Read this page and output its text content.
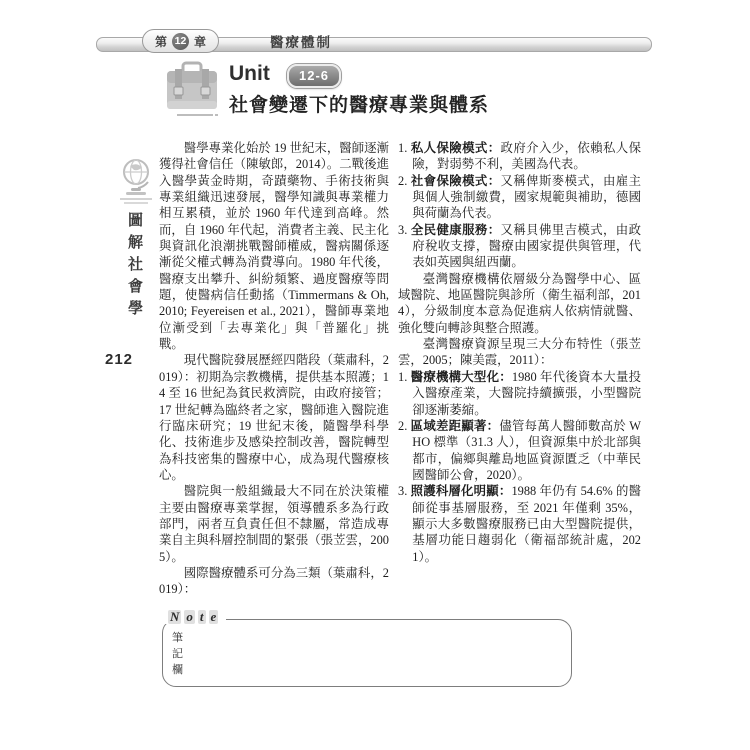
第 12 章	醫療體制
Unit	12-6
社會變遷下的醫療專業與體系
圖解社會學
212

醫學專業化始於 19 世紀末，醫師逐漸獲得社會信任（陳敏郎，2014）。二戰後進入醫學黃金時期，奇蹟藥物、手術技術與專業組織迅速發展，醫學知識與專業權力相互累積，並於 1960 年代達到高峰。然而，自 1960 年代起，消費者主義、民主化與資訊化浪潮挑戰醫師權威，醫病關係逐漸從父權式轉為消費導向。1980 年代後，醫療支出攀升、糾紛頻繁、過度醫療等問題，使醫病信任動搖（Timmermans & Oh, 2010; Feyereisen et al., 2021），醫師專業地位漸受到「去專業化」與「普羅化」挑戰。

現代醫院發展歷經四階段（葉肅科，2019）：初期為宗教機構，提供基本照護；14 至 16 世紀為貧民救濟院，由政府接管；17 世紀轉為臨終者之家，醫師進入醫院進行臨床研究；19 世紀末後，隨醫學科學化、技術進步及感染控制改善，醫院轉型為科技密集的醫療中心，成為現代醫療核心。

醫院與一般組織最大不同在於決策權主要由醫療專業掌握，領導體系多為行政部門，兩者互負責任但不隸屬，常造成專業自主與科層控制間的緊張（張苙雲，2005）。

國際醫療體系可分為三類（葉肅科，2019）：

1. 私人保險模式：政府介入少，依賴私人保險，對弱勢不利，美國為代表。

2. 社會保險模式：又稱俾斯麥模式，由雇主與個人強制繳費，國家規範與補助，德國與荷蘭為代表。

3. 全民健康服務：又稱貝佛里吉模式，由政府稅收支撐，醫療由國家提供與管理，代表如英國與紐西蘭。

臺灣醫療機構依層級分為醫學中心、區域醫院、地區醫院與診所（衛生福利部，2014），分級制度本意為促進病人依病情就醫、強化雙向轉診與整合照護。

臺灣醫療資源呈現三大分布特性（張苙雲，2005；陳美霞，2011）：

1. 醫療機構大型化：1980 年代後資本大量投入醫療產業，大醫院持續擴張，小型醫院卻逐漸萎縮。

2. 區域差距顯著：儘管每萬人醫師數高於 WHO 標準（31.3 人），但資源集中於北部與都市，偏鄉與離島地區資源匱乏（中華民國醫師公會，2020）。

3. 照護科層化明顯：1988 年仍有 54.6% 的醫師從事基層服務，至 2021 年僅剩 35%，顯示大多數醫療服務已由大型醫院提供，基層功能日趨弱化（衛福部統計處，2021）。

N o t e
筆
記
欄
